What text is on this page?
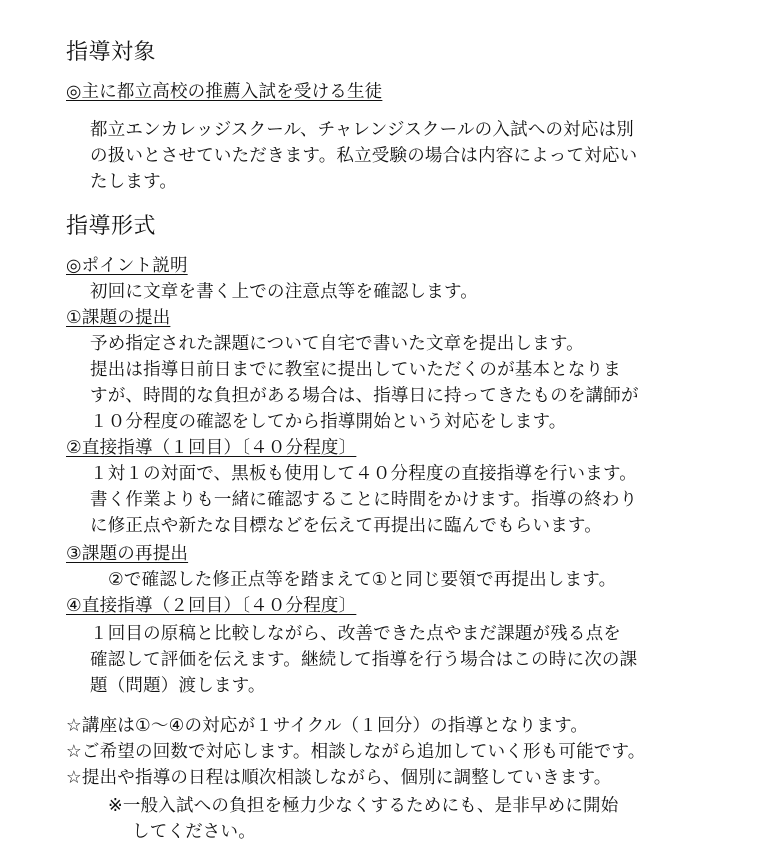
指導対象
◎主に都立高校の推薦入試を受ける生徒
都立エンカレッジスクール、チャレンジスクールの入試への対応は別
の扱いとさせていただきます。私立受験の場合は内容によって対応い
たします。
指導形式
◎ポイント説明
初回に文章を書く上での注意点等を確認します。
①課題の提出
予め指定された課題について自宅で書いた文章を提出します。
提出は指導日前日までに教室に提出していただくのが基本となりま
すが、時間的な負担がある場合は、指導日に持ってきたものを講師が
１０分程度の確認をしてから指導開始という対応をします。
②直接指導（１回目）〔４０分程度〕
１対１の対面で、黒板も使用して４０分程度の直接指導を行います。
書く作業よりも一緒に確認することに時間をかけます。指導の終わり
に修正点や新たな目標などを伝えて再提出に臨んでもらいます。
③課題の再提出
②で確認した修正点等を踏まえて①と同じ要領で再提出します。
④直接指導（２回目）〔４０分程度〕
１回目の原稿と比較しながら、改善できた点やまだ課題が残る点を
確認して評価を伝えます。継続して指導を行う場合はこの時に次の課
題（問題）渡します。
☆講座は①～④の対応が１サイクル（１回分）の指導となります。
☆ご希望の回数で対応します。相談しながら追加していく形も可能です。
☆提出や指導の日程は順次相談しながら、個別に調整していきます。
※一般入試への負担を極力少なくするためにも、是非早めに開始
してください。
